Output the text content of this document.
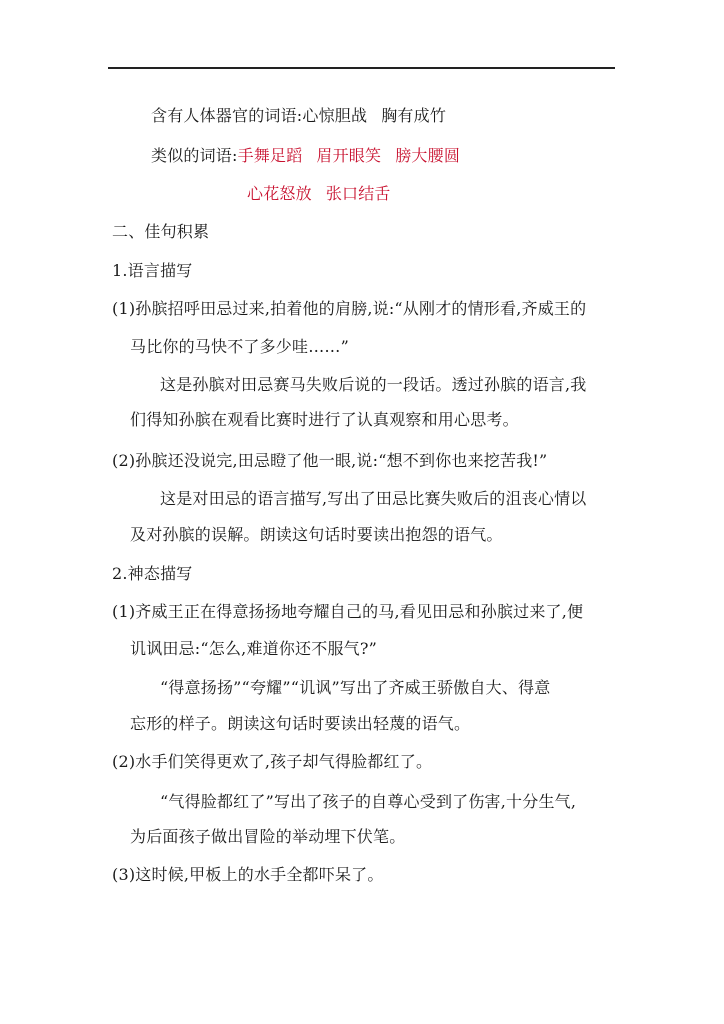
含有人体器官的词语:心惊胆战 胸有成竹
类似的词语:手舞足蹈 眉开眼笑 膀大腰圆
心花怒放 张口结舌
二、佳句积累
1.语言描写
(1)孙膑招呼田忌过来,拍着他的肩膀,说:“从刚才的情形看,齐威王的
马比你的马快不了多少哇……”
这是孙膑对田忌赛马失败后说的一段话。透过孙膑的语言,我
们得知孙膑在观看比赛时进行了认真观察和用心思考。
(2)孙膑还没说完,田忌瞪了他一眼,说:“想不到你也来挖苦我!”
这是对田忌的语言描写,写出了田忌比赛失败后的沮丧心情以
及对孙膑的误解。朗读这句话时要读出抱怨的语气。
2.神态描写
(1)齐威王正在得意扬扬地夸耀自己的马,看见田忌和孙膑过来了,便
讥讽田忌:“怎么,难道你还不服气?”
“得意扬扬”“夸耀”“讥讽”写出了齐威王骄傲自大、得意
忘形的样子。朗读这句话时要读出轻蔑的语气。
(2)水手们笑得更欢了,孩子却气得脸都红了。
“气得脸都红了”写出了孩子的自尊心受到了伤害,十分生气,
为后面孩子做出冒险的举动埋下伏笔。
(3)这时候,甲板上的水手全都吓呆了。
